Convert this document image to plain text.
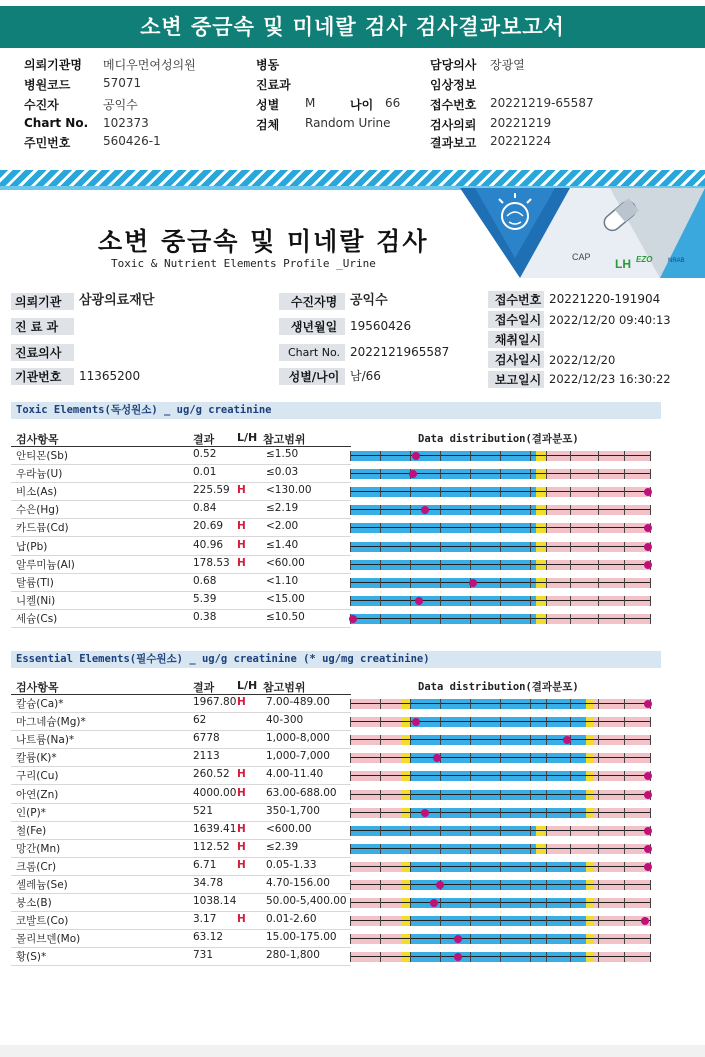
소변 중금속 및 미네랄 검사 검사결과보고서
의뢰기관명 메디우먼여성의원
병원코드	57071
수진자	공익수
Chart No. 102373
주민번호	560426-1
병동
진료과
성별 M	나이 66
검체 Random Urine
담당의사 장광열
임상정보
접수번호 20221219-65587
검사의뢰 20221219
결과보고 20221224
소변 중금속 및 미네랄 검사
Toxic & Nutrient Elements Profile _Urine	CAP LH EZO	NRAB
의뢰기관	삼광의료재단
진 료 과
진료의사
기관번호	11365200
수진자명 공익수
생년월일	19560426
Chart No. 2022121965587
성별/나이 남/66
접수번호 20221220-191904
접수일시 2022/12/20 09:40:13
채취일시
검사일시 2022/12/20
보고일시 2022/12/23 16:30:22
Toxic Elements(독성원소) _ ug/g creatinine
검사항목	결과 L/H 참고범위	Data distribution(결과분포)
안티몬(Sb)	0.52	≤1.50
우라늄(U)	0.01	≤0.03
비소(As)	225.59 H <130.00
수은(Hg)	0.84	≤2.19
카드뮴(Cd)	20.69 H <2.00
납(Pb)	40.96 H ≤1.40
알루미늄(Al)	178.53 H <60.00
탈륨(Tl)	0.68	<1.10
니켈(Ni)	5.39	<15.00
세슘(Cs)	0.38	≤10.50
Essential Elements(필수원소) _ ug/g creatinine (* ug/mg creatinine)
검사항목	결과 L/H 참고범위	Data distribution(결과분포)
칼슘(Ca)*	1967.80 H 7.00-489.00
마그네슘(Mg)*	62	40-300
나트륨(Na)*	6778	1,000-8,000
칼륨(K)*	2113	1,000-7,000
구리(Cu)	260.52 H 4.00-11.40
아연(Zn)	4000.00 H 63.00-688.00
인(P)*	521	350-1,700
철(Fe)	1639.41 H <600.00
망간(Mn)	112.52 H ≤2.39
크롬(Cr)	6.71 H 0.05-1.33
셀레늄(Se)	34.78	4.70-156.00
붕소(B)	1038.14	50.00-5,400.00
코발트(Co)	3.17 H 0.01-2.60
몰리브덴(Mo)	63.12	15.00-175.00
황(S)*	731	280-1,800
